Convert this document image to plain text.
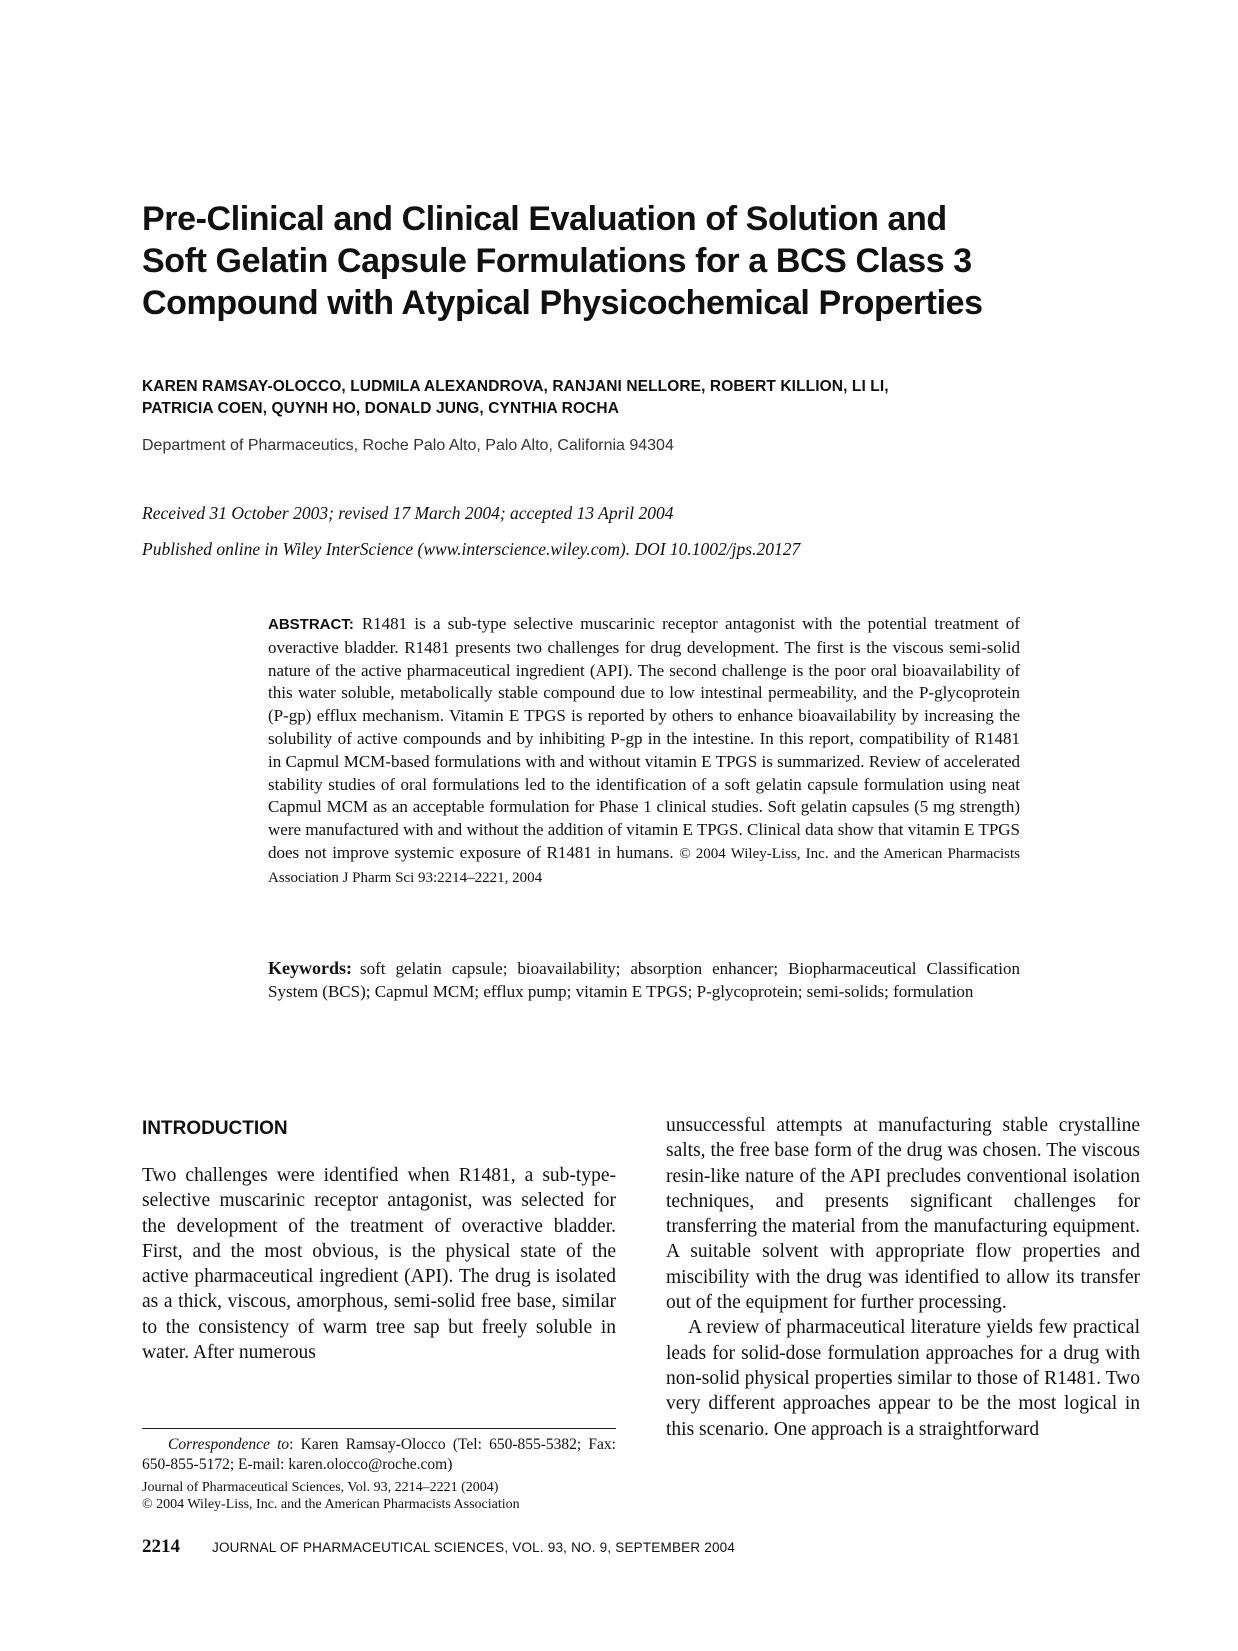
Pre-Clinical and Clinical Evaluation of Solution and
Soft Gelatin Capsule Formulations for a BCS Class 3
Compound with Atypical Physicochemical Properties
KAREN RAMSAY-OLOCCO, LUDMILA ALEXANDROVA, RANJANI NELLORE, ROBERT KILLION, LI LI,
PATRICIA COEN, QUYNH HO, DONALD JUNG, CYNTHIA ROCHA
Department of Pharmaceutics, Roche Palo Alto, Palo Alto, California 94304
Received 31 October 2003; revised 17 March 2004; accepted 13 April 2004
Published online in Wiley InterScience (www.interscience.wiley.com). DOI 10.1002/jps.20127

ABSTRACT: R1481 is a sub-type selective muscarinic receptor antagonist with the potential treatment of overactive bladder. R1481 presents two challenges for drug development. The first is the viscous semi-solid nature of the active pharmaceutical ingredient (API). The second challenge is the poor oral bioavailability of this water soluble, metabolically stable compound due to low intestinal permeability, and the P-glycoprotein (P-gp) efflux mechanism. Vitamin E TPGS is reported by others to enhance bioavailability by increasing the solubility of active compounds and by inhibiting P-gp in the intestine. In this report, compatibility of R1481 in Capmul MCM-based formulations with and without vitamin E TPGS is summarized. Review of accelerated stability studies of oral formulations led to the identification of a soft gelatin capsule formulation using neat Capmul MCM as an acceptable formulation for Phase 1 clinical studies. Soft gelatin capsules (5 mg strength) were manufactured with and without the addition of vitamin E TPGS. Clinical data show that vitamin E TPGS does not improve systemic exposure of R1481 in humans. © 2004 Wiley-Liss, Inc. and the American Pharmacists Association J Pharm Sci 93:2214–2221, 2004

Keywords: soft gelatin capsule; bioavailability; absorption enhancer; Biopharmaceutical Classification System (BCS); Capmul MCM; efflux pump; vitamin E TPGS; P-glycoprotein; semi-solids; formulation

INTRODUCTION

Two challenges were identified when R1481, a sub-type-selective muscarinic receptor antagonist, was selected for the development of the treatment of overactive bladder. First, and the most obvious, is the physical state of the active pharmaceutical ingredient (API). The drug is isolated as a thick, viscous, amorphous, semi-solid free base, similar to the consistency of warm tree sap but freely soluble in water. After numerous

unsuccessful attempts at manufacturing stable crystalline salts, the free base form of the drug was chosen. The viscous resin-like nature of the API precludes conventional isolation techniques, and presents significant challenges for transferring the material from the manufacturing equipment. A suitable solvent with appropriate flow properties and miscibility with the drug was identified to allow its transfer out of the equipment for further processing.

A review of pharmaceutical literature yields few practical leads for solid-dose formulation approaches for a drug with non-solid physical properties similar to those of R1481. Two very different approaches appear to be the most logical in this scenario. One approach is a straightforward

Correspondence to: Karen Ramsay-Olocco (Tel: 650-855-5382; Fax: 650-855-5172; E-mail: karen.olocco@roche.com)

Journal of Pharmaceutical Sciences, Vol. 93, 2214–2221 (2004)
© 2004 Wiley-Liss, Inc. and the American Pharmacists Association
2214 JOURNAL OF PHARMACEUTICAL SCIENCES, VOL. 93, NO. 9, SEPTEMBER 2004
